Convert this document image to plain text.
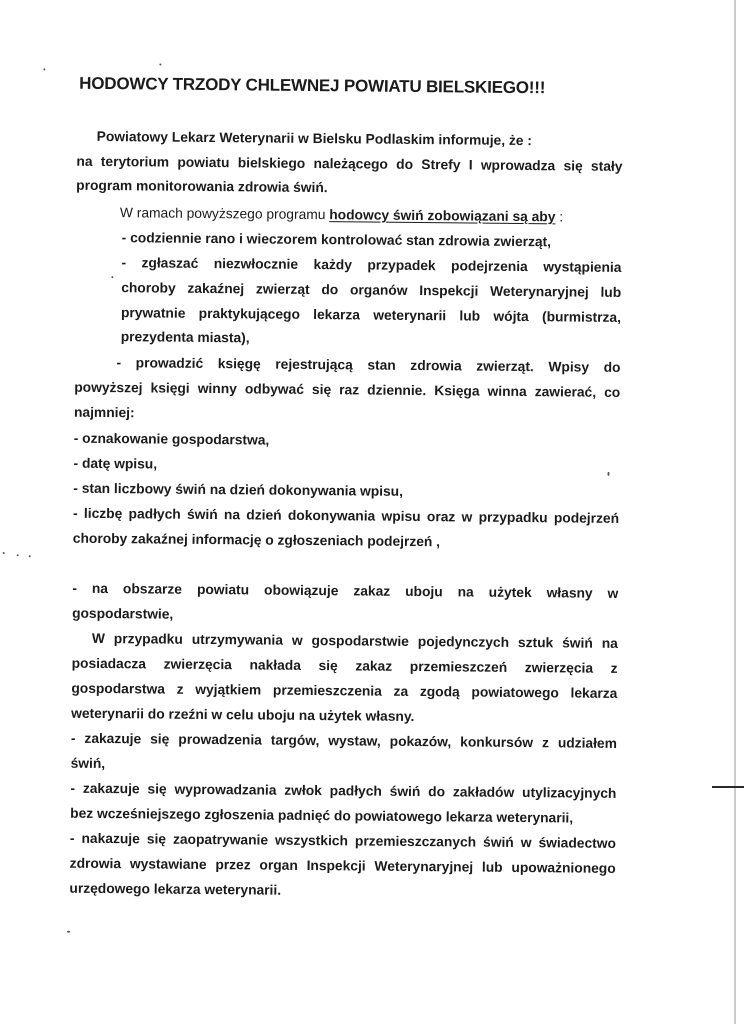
HODOWCY TRZODY CHLEWNEJ POWIATU BIELSKIEGO!!!
Powiatowy Lekarz Weterynarii w Bielsku Podlaskim informuje, że :
na terytorium powiatu bielskiego należącego do Strefy I wprowadza się stały
program monitorowania zdrowia świń.
W ramach powyższego programu hodowcy świń zobowiązani są aby :
- codziennie rano i wieczorem kontrolować stan zdrowia zwierząt,
- zgłaszać niezwłocznie każdy przypadek podejrzenia wystąpienia
choroby zakaźnej zwierząt do organów Inspekcji Weterynaryjnej lub
prywatnie praktykującego lekarza weterynarii lub wójta (burmistrza,
prezydenta miasta),
- prowadzić księgę rejestrującą stan zdrowia zwierząt. Wpisy do
powyższej księgi winny odbywać się raz dziennie. Księga winna zawierać, co
najmniej:
- oznakowanie gospodarstwa,
- datę wpisu,
- stan liczbowy świń na dzień dokonywania wpisu,
- liczbę padłych świń na dzień dokonywania wpisu oraz w przypadku podejrzeń
choroby zakaźnej informację o zgłoszeniach podejrzeń ,
- na obszarze powiatu obowiązuje zakaz uboju na użytek własny w
gospodarstwie,
W przypadku utrzymywania w gospodarstwie pojedynczych sztuk świń na
posiadacza zwierzęcia nakłada się zakaz przemieszczeń zwierzęcia z
gospodarstwa z wyjątkiem przemieszczenia za zgodą powiatowego lekarza
weterynarii do rzeźni w celu uboju na użytek własny.
- zakazuje się prowadzenia targów, wystaw, pokazów, konkursów z udziałem
świń,
- zakazuje się wyprowadzania zwłok padłych świń do zakładów utylizacyjnych
bez wcześniejszego zgłoszenia padnięć do powiatowego lekarza weterynarii,
- nakazuje się zaopatrywanie wszystkich przemieszczanych świń w świadectwo
zdrowia wystawiane przez organ Inspekcji Weterynaryjnej lub upoważnionego
urzędowego lekarza weterynarii.
